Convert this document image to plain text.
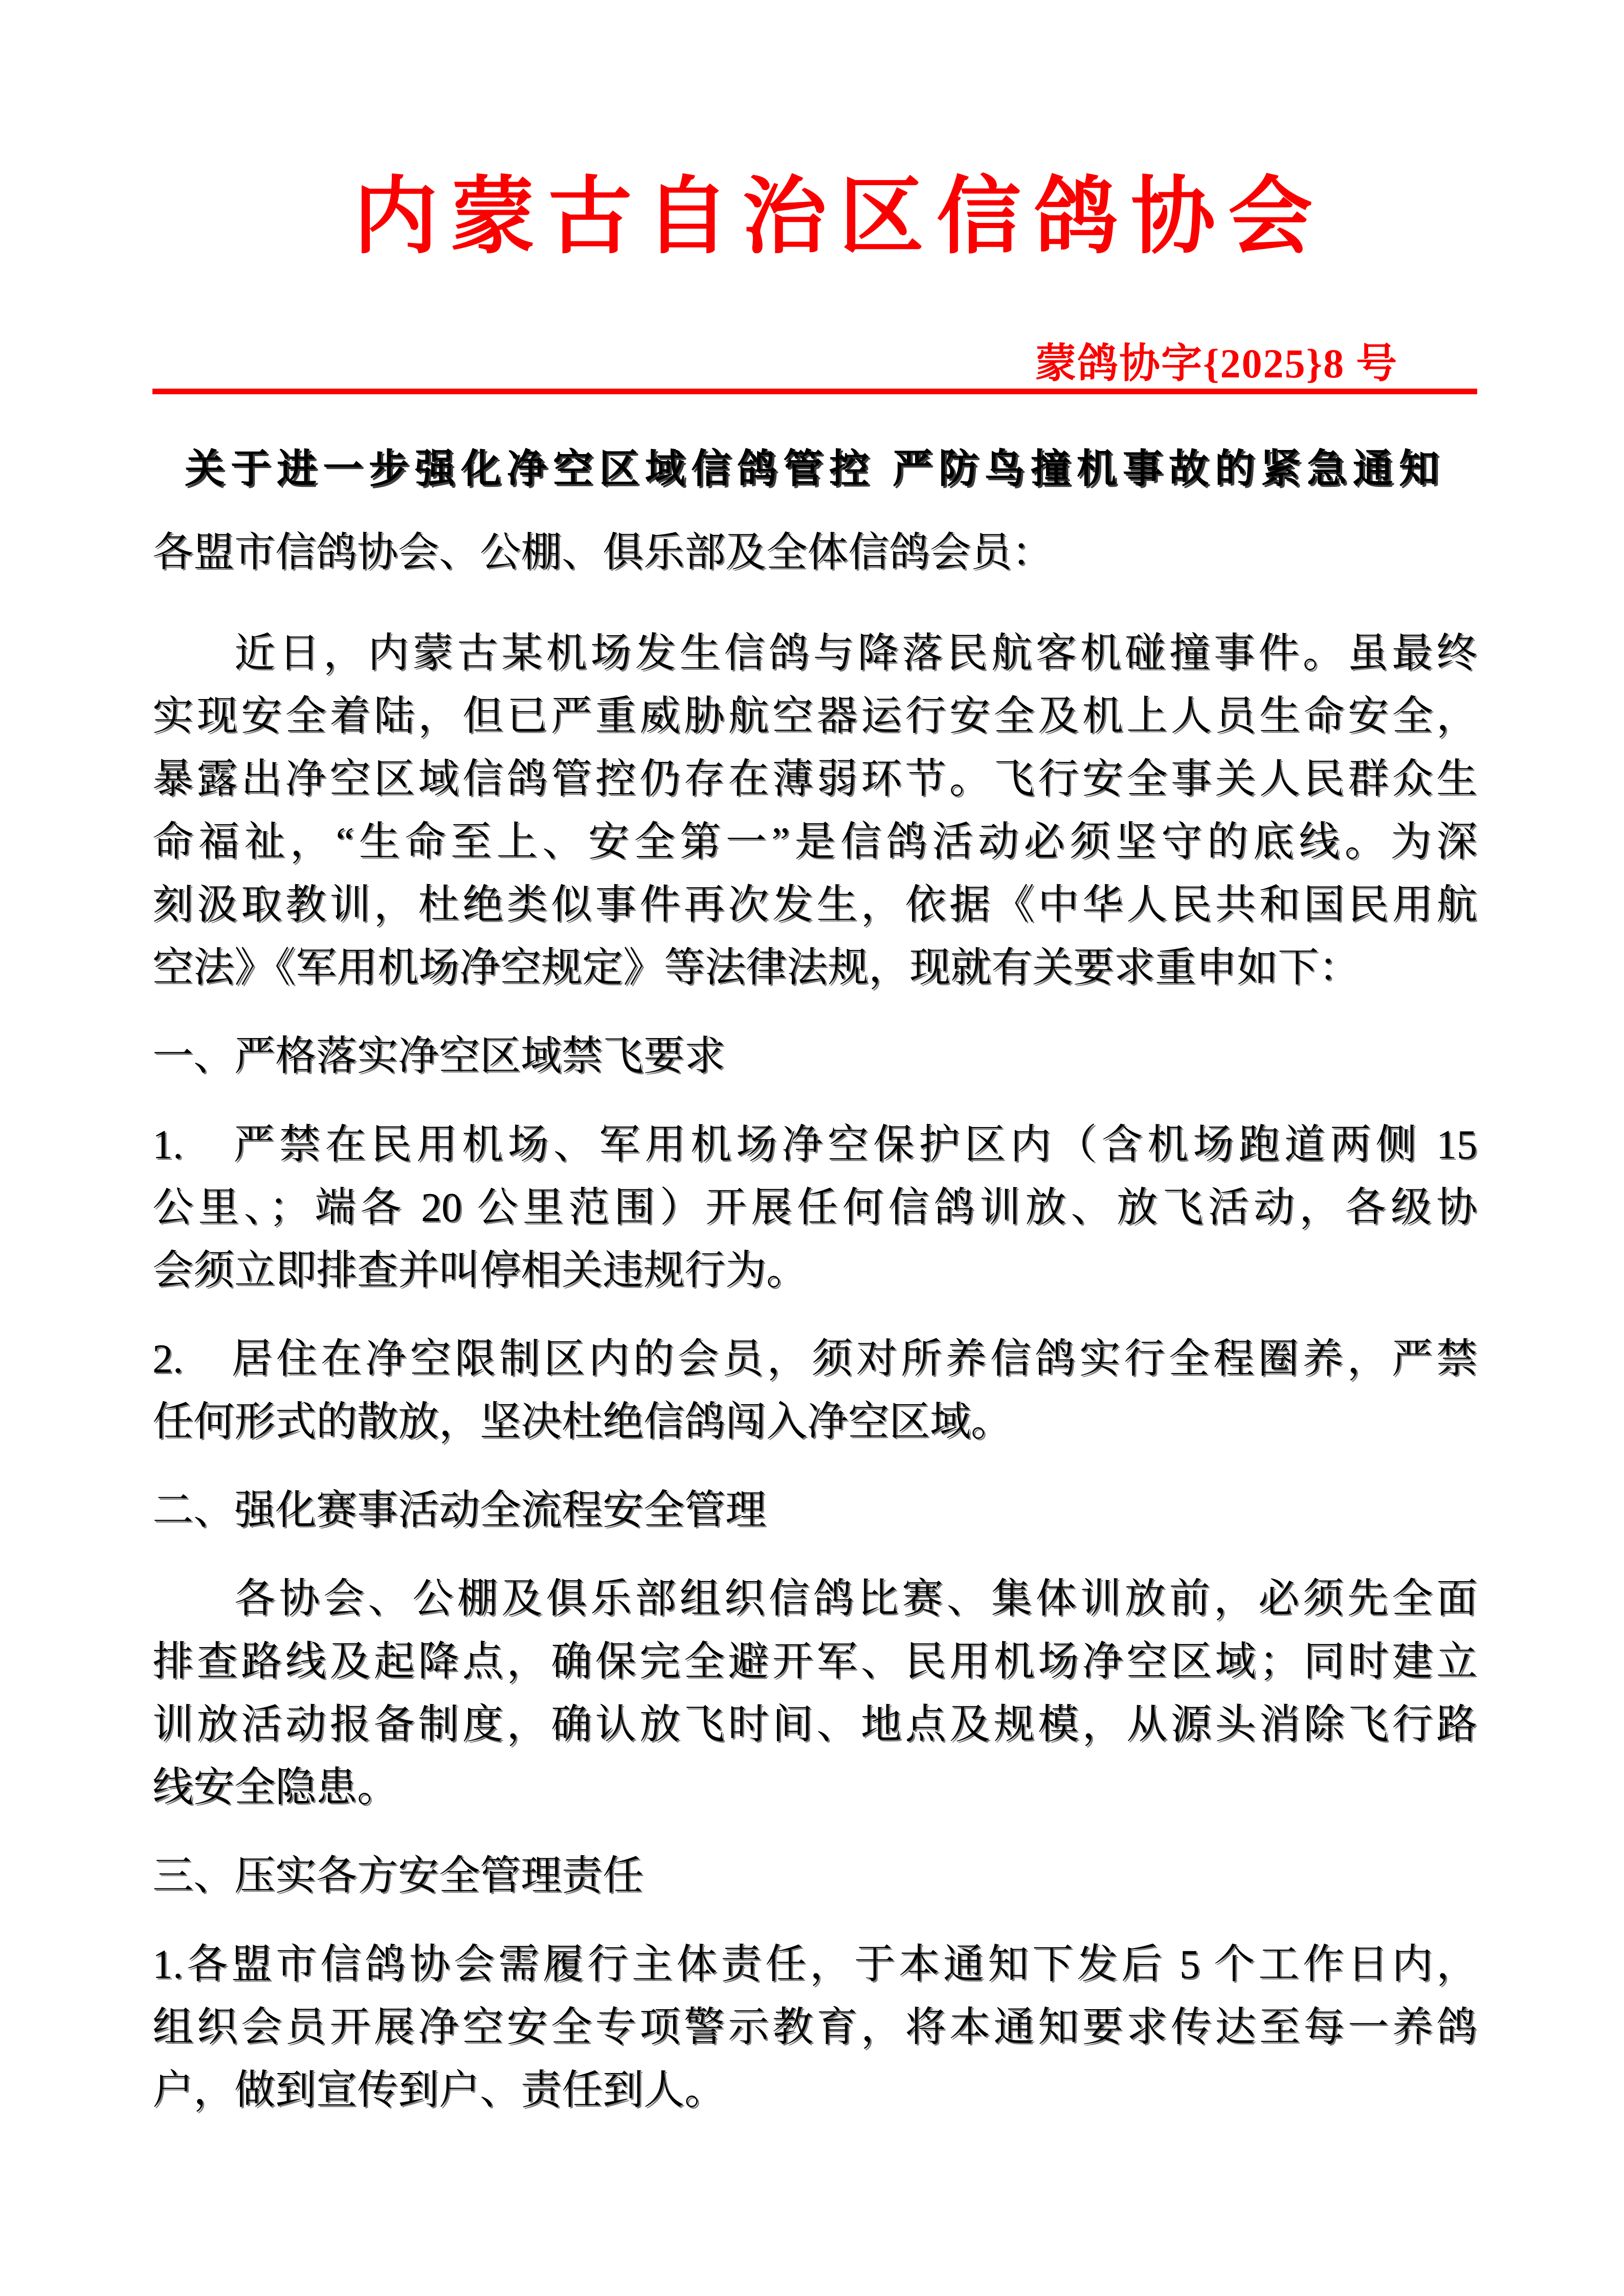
内蒙古自治区信鸽协会
蒙鸽协字{2025}8 号
关于进一步强化净空区域信鸽管控 严防鸟撞机事故的紧急通知
各盟市信鸽协会、公棚、俱乐部及全体信鸽会员：
近日，内蒙古某机场发生信鸽与降落民航客机碰撞事件。虽最终
实现安全着陆，但已严重威胁航空器运行安全及机上人员生命安全，
暴露出净空区域信鸽管控仍存在薄弱环节。飞行安全事关人民群众生
命福祉，“生命至上、安全第一”是信鸽活动必须坚守的底线。为深
刻汲取教训，杜绝类似事件再次发生，依据《中华人民共和国民用航
空法》《军用机场净空规定》等法律法规，现就有关要求重申如下：
一、严格落实净空区域禁飞要求
1.　严禁在民用机场、军用机场净空保护区内（含机场跑道两侧 15
公里、；端各 20 公里范围）开展任何信鸽训放、放飞活动，各级协
会须立即排查并叫停相关违规行为。
2.　居住在净空限制区内的会员，须对所养信鸽实行全程圈养，严禁
任何形式的散放，坚决杜绝信鸽闯入净空区域。
二、强化赛事活动全流程安全管理
各协会、公棚及俱乐部组织信鸽比赛、集体训放前，必须先全面
排查路线及起降点，确保完全避开军、民用机场净空区域；同时建立
训放活动报备制度，确认放飞时间、地点及规模，从源头消除飞行路
线安全隐患。
三、压实各方安全管理责任
1.各盟市信鸽协会需履行主体责任，于本通知下发后 5 个工作日内，
组织会员开展净空安全专项警示教育，将本通知要求传达至每一养鸽
户，做到宣传到户、责任到人。
